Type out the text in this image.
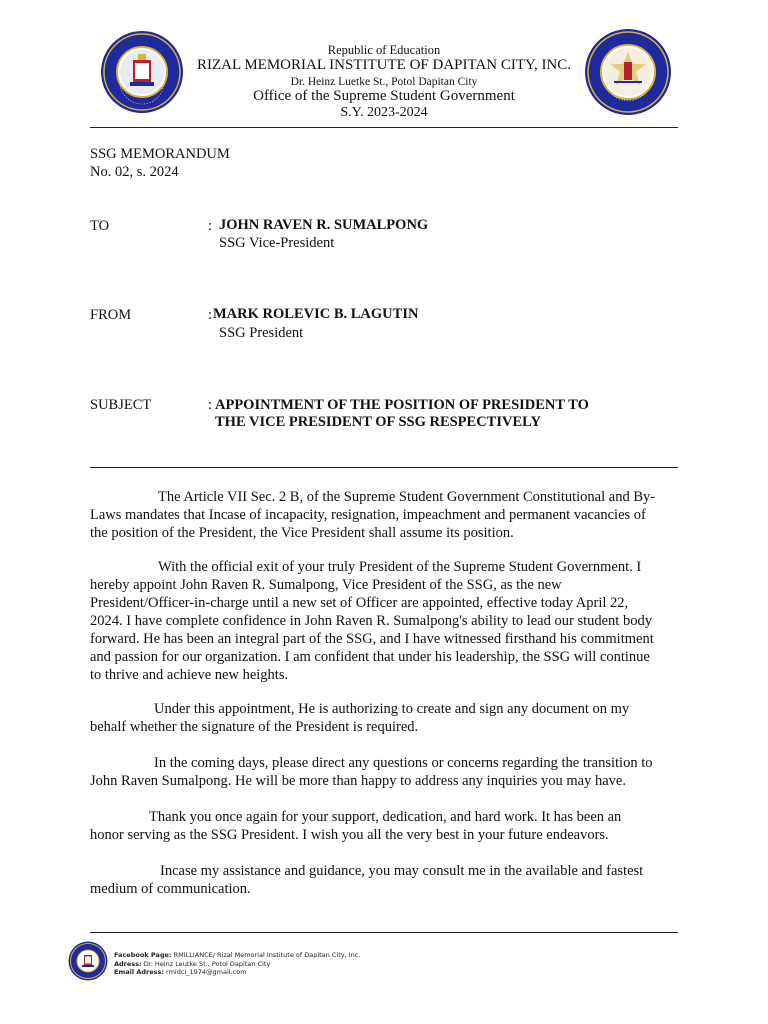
Republic of Education
RIZAL MEMORIAL INSTITUTE OF DAPITAN CITY, INC.
Dr. Heinz Luetke St., Potol Dapitan City
Office of the Supreme Student Government
S.Y. 2023-2024
SSG MEMORANDUM
No. 02, s. 2024
TO	: JOHN RAVEN R. SUMALPONG
SSG Vice-President
FROM	: MARK ROLEVIC B. LAGUTIN
SSG President
SUBJECT	: APPOINTMENT OF THE POSITION OF PRESIDENT TO
THE VICE PRESIDENT OF SSG RESPECTIVELY
The Article VII Sec. 2 B, of the Supreme Student Government Constitutional and By-
Laws mandates that Incase of incapacity, resignation, impeachment and permanent vacancies of
the position of the President, the Vice President shall assume its position.
With the official exit of your truly President of the Supreme Student Government. I
hereby appoint John Raven R. Sumalpong, Vice President of the SSG, as the new
President/Officer-in-charge until a new set of Officer are appointed, effective today April 22,
2024. I have complete confidence in John Raven R. Sumalpong's ability to lead our student body
forward. He has been an integral part of the SSG, and I have witnessed firsthand his commitment
and passion for our organization. I am confident that under his leadership, the SSG will continue
to thrive and achieve new heights.
Under this appointment, He is authorizing to create and sign any document on my
behalf whether the signature of the President is required.
In the coming days, please direct any questions or concerns regarding the transition to
John Raven Sumalpong. He will be more than happy to address any inquiries you may have.
Thank you once again for your support, dedication, and hard work. It has been an
honor serving as the SSG President. I wish you all the very best in your future endeavors.
Incase my assistance and guidance, you may consult me in the available and fastest
medium of communication.
Facebook Page: RMILLIANCE/ Rizal Memorial Institute of Dapitan City, Inc.
Adress: Dr. Heinz Leutke St., Potol Dapitan City
Email Adress: rmidci_1974@gmail.com
